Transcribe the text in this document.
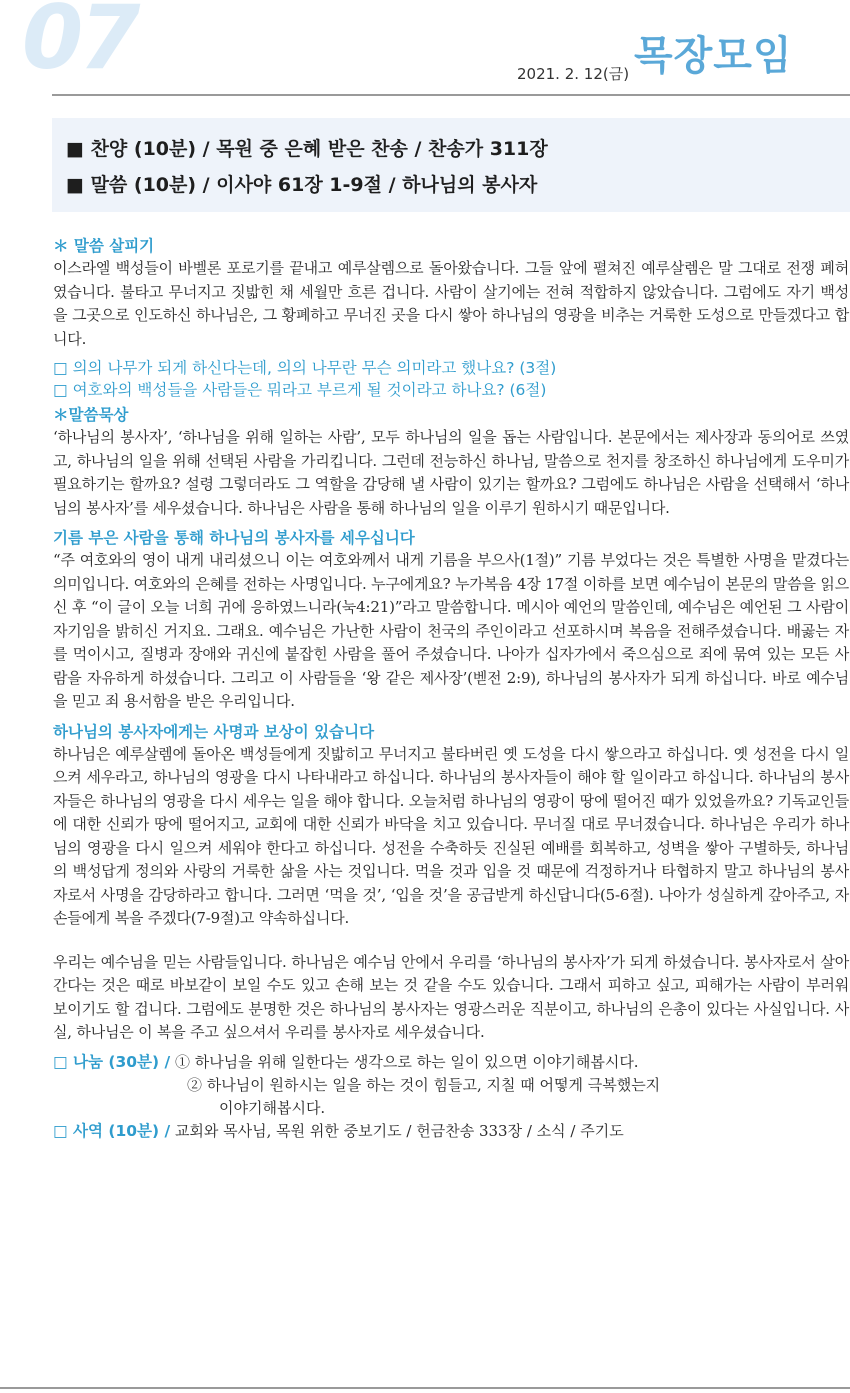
07	2021. 2. 12(금) 목장모임
■ 찬양 (10분) / 목원 중 은혜 받은 찬송 / 찬송가 311장
■ 말씀 (10분) / 이사야 61장 1-9절 / 하나님의 봉사자
＊ 말씀 살피기

이스라엘 백성들이 바벨론 포로기를 끝내고 예루살렘으로 돌아왔습니다. 그들 앞에 펼쳐진 예루살렘은 말 그대로 전쟁 폐허였습니다. 불타고 무너지고 짓밟힌 채 세월만 흐른 겁니다. 사람이 살기에는 전혀 적합하지 않았습니다. 그럼에도 자기 백성을 그곳으로 인도하신 하나님은, 그 황폐하고 무너진 곳을 다시 쌓아 하나님의 영광을 비추는 거룩한 도성으로 만들겠다고 합니다.

□ 의의 나무가 되게 하신다는데, 의의 나무란 무슨 의미라고 했나요? (3절)
□ 여호와의 백성들을 사람들은 뭐라고 부르게 될 것이라고 하나요? (6절)
＊말씀묵상

‘하나님의 봉사자’, ‘하나님을 위해 일하는 사람’, 모두 하나님의 일을 돕는 사람입니다. 본문에서는 제사장과 동의어로 쓰였고, 하나님의 일을 위해 선택된 사람을 가리킵니다. 그런데 전능하신 하나님, 말씀으로 천지를 창조하신 하나님에게 도우미가 필요하기는 할까요? 설령 그렇더라도 그 역할을 감당해 낼 사람이 있기는 할까요? 그럼에도 하나님은 사람을 선택해서 ‘하나님의 봉사자’를 세우셨습니다. 하나님은 사람을 통해 하나님의 일을 이루기 원하시기 때문입니다.

기름 부은 사람을 통해 하나님의 봉사자를 세우십니다

“주 여호와의 영이 내게 내리셨으니 이는 여호와께서 내게 기름을 부으사(1절)” 기름 부었다는 것은 특별한 사명을 맡겼다는 의미입니다. 여호와의 은혜를 전하는 사명입니다. 누구에게요? 누가복음 4장 17절 이하를 보면 예수님이 본문의 말씀을 읽으신 후 “이 글이 오늘 너희 귀에 응하였느니라(눅4:21)”라고 말씀합니다. 메시아 예언의 말씀인데, 예수님은 예언된 그 사람이 자기임을 밝히신 거지요. 그래요. 예수님은 가난한 사람이 천국의 주인이라고 선포하시며 복음을 전해주셨습니다. 배곯는 자를 먹이시고, 질병과 장애와 귀신에 붙잡힌 사람을 풀어 주셨습니다. 나아가 십자가에서 죽으심으로 죄에 묶여 있는 모든 사람을 자유하게 하셨습니다. 그리고 이 사람들을 ‘왕 같은 제사장’(벧전 2:9), 하나님의 봉사자가 되게 하십니다. 바로 예수님을 믿고 죄 용서함을 받은 우리입니다.

하나님의 봉사자에게는 사명과 보상이 있습니다

하나님은 예루살렘에 돌아온 백성들에게 짓밟히고 무너지고 불타버린 옛 도성을 다시 쌓으라고 하십니다. 옛 성전을 다시 일으켜 세우라고, 하나님의 영광을 다시 나타내라고 하십니다. 하나님의 봉사자들이 해야 할 일이라고 하십니다. 하나님의 봉사자들은 하나님의 영광을 다시 세우는 일을 해야 합니다. 오늘처럼 하나님의 영광이 땅에 떨어진 때가 있었을까요? 기독교인들에 대한 신뢰가 땅에 떨어지고, 교회에 대한 신뢰가 바닥을 치고 있습니다. 무너질 대로 무너졌습니다. 하나님은 우리가 하나님의 영광을 다시 일으켜 세워야 한다고 하십니다. 성전을 수축하듯 진실된 예배를 회복하고, 성벽을 쌓아 구별하듯, 하나님의 백성답게 정의와 사랑의 거룩한 삶을 사는 것입니다. 먹을 것과 입을 것 때문에 걱정하거나 타협하지 말고 하나님의 봉사자로서 사명을 감당하라고 합니다. 그러면 ‘먹을 것’, ‘입을 것’을 공급받게 하신답니다(5-6절). 나아가 성실하게 갚아주고, 자손들에게 복을 주겠다(7-9절)고 약속하십니다.

우리는 예수님을 믿는 사람들입니다. 하나님은 예수님 안에서 우리를 ‘하나님의 봉사자’가 되게 하셨습니다. 봉사자로서 살아간다는 것은 때로 바보같이 보일 수도 있고 손해 보는 것 같을 수도 있습니다. 그래서 피하고 싶고, 피해가는 사람이 부러워 보이기도 할 겁니다. 그럼에도 분명한 것은 하나님의 봉사자는 영광스러운 직분이고, 하나님의 은총이 있다는 사실입니다. 사실, 하나님은 이 복을 주고 싶으셔서 우리를 봉사자로 세우셨습니다.

□ 나눔 (30분) / ① 하나님을 위해 일한다는 생각으로 하는 일이 있으면 이야기해봅시다.
② 하나님이 원하시는 일을 하는 것이 힘들고, 지칠 때 어떻게 극복했는지
이야기해봅시다.
□ 사역 (10분) / 교회와 목사님, 목원 위한 중보기도 / 헌금찬송 333장 / 소식 / 주기도
